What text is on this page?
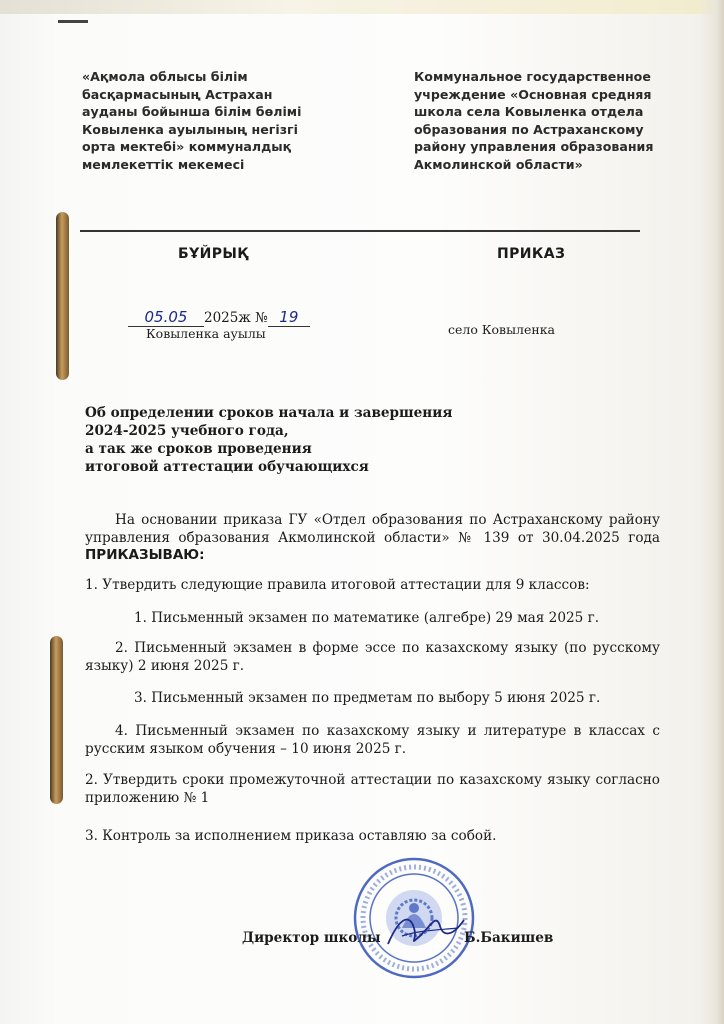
«Ақмола облысы білім
басқармасының Астрахан
ауданы бойынша білім бөлімі
Ковыленка ауылының негізгі
орта мектебі» коммуналдық
мемлекеттік мекемесі
Коммунальное государственное
учреждение «Основная средняя
школа села Ковыленка отдела
образования по Астраханскому
району управления образования
Акмолинской области»
БҰЙРЫҚ	ПРИКАЗ
05.05 2025ж № 19
Ковыленка ауылы	село Ковыленка
Об определении сроков начала и завершения
2024-2025 учебного года,
а так же сроков проведения
итоговой аттестации обучающихся
На основании приказа ГУ «Отдел образования по Астраханскому району
управления образования Акмолинской области» № 139 от 30.04.2025 года
ПРИКАЗЫВАЮ:
1. Утвердить следующие правила итоговой аттестации для 9 классов:
1. Письменный экзамен по математике (алгебре) 29 мая 2025 г.
2. Письменный экзамен в форме эссе по казахскому языку (по русскому
языку) 2 июня 2025 г.
3. Письменный экзамен по предметам по выбору 5 июня 2025 г.
4. Письменный экзамен по казахскому языку и литературе в классах с
русским языком обучения – 10 июня 2025 г.
2. Утвердить сроки промежуточной аттестации по казахскому языку согласно
приложению № 1
3. Контроль за исполнением приказа оставляю за собой.
Директор школы	Б.Бакишев
